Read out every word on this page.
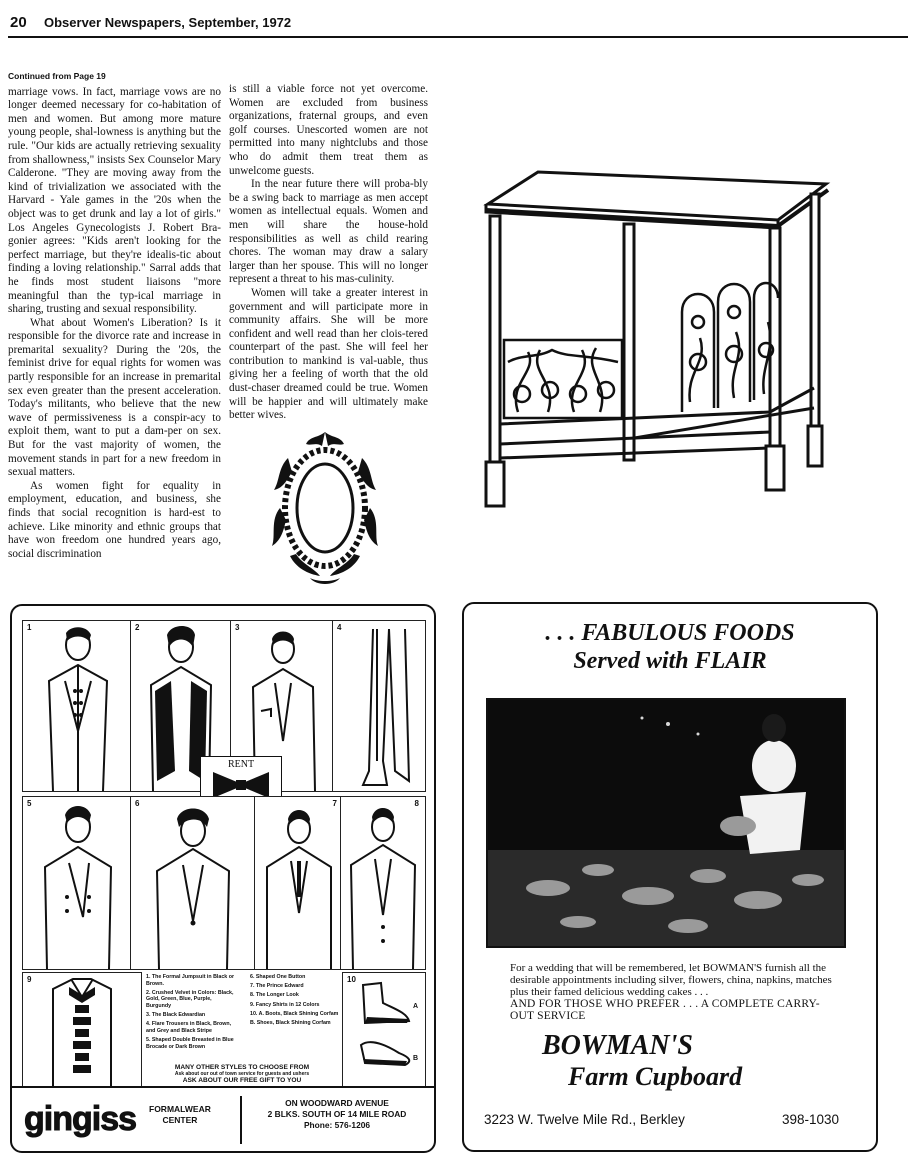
20 Observer Newspapers, September, 1972

Continued from Page 19

marriage vows. In fact, marriage vows are no longer deemed necessary for co-habitation of men and women. But among more mature young people, shal-lowness is anything but the rule. "Our kids are actually retrieving sexuality from shallowness," insists Sex Counselor Mary Calderone. "They are moving away from the kind of trivialization we associated with the Harvard - Yale games in the '20s when the object was to get drunk and lay a lot of girls." Los Angeles Gynecologists J. Robert Bra-gonier agrees: "Kids aren't looking for the perfect marriage, but they're idealis-tic about finding a loving relationship." Sarral adds that he finds most student liaisons "more meaningful than the typ-ical marriage in sharing, trusting and sexual responsibility.

What about Women's Liberation? Is it responsible for the divorce rate and increase in premarital sexuality? During the '20s, the feminist drive for equal rights for women was partly responsible for an increase in premarital sex even greater than the present acceleration. Today's militants, who believe that the new wave of permissiveness is a conspir-acy to exploit them, want to put a dam-per on sex. But for the vast majority of women, the movement stands in part for a new freedom in sexual matters.

As women fight for equality in employment, education, and business, she finds that social recognition is hard-est to achieve. Like minority and ethnic groups that have won freedom one hundred years ago, social discrimination

is still a viable force not yet overcome. Women are excluded from business organizations, fraternal groups, and even golf courses. Unescorted women are not permitted into many nightclubs and those who do admit them treat them as unwelcome guests.

In the near future there will proba-bly be a swing back to marriage as men accept women as intellectual equals. Women and men will share the house-hold responsibilities as well as child rearing chores. The woman may draw a salary larger than her spouse. This will no longer represent a threat to his mas-culinity.

Women will take a greater interest in government and will participate more in community affairs. She will be more confident and well read than her clois-tered counterpart of the past. She will feel her contribution to mankind is val-uable, thus giving her a feeling of worth that the old dust-chaser dreamed could be true. Women will be happier and will ultimately make better wives.

1	2	3	4
RENT
5	6	7	8
9	1. The Formal Jumpsuit in Black or Brown.
2. Crushed Velvet in Colors: Black, Gold, Green, Blue, Purple, Burgundy
3. The Black Edwardian
4. Flare Trousers in Black, Brown, and Grey and Black Stripe
5. Shaped Double Breasted in Blue Brocade or Dark Brown
6. Shaped One Button
7. The Prince Edward
8. The Longer Look
9. Fancy Shirts in 12 Colors
10. A. Boots, Black Shining Corfam
B. Shoes, Black Shining Corfam
MANY OTHER STYLES TO CHOOSE FROM
Ask about our out of town service for guests and ushers
ASK ABOUT OUR FREE GIFT TO YOU
10
A
B
gingiss FORMALWEAR
CENTER
ON WOODWARD AVENUE
2 BLKS. SOUTH OF 14 MILE ROAD
Phone: 576-1206
. . . FABULOUS FOODS
Served with FLAIR
For a wedding that will be remembered, let BOWMAN'S furnish all the desirable appointments including silver, flowers, china, napkins, matches plus their famed delicious wedding cakes . . .
AND FOR THOSE WHO PREFER . . . A COMPLETE CARRY-OUT SERVICE
BOWMAN'S
Farm Cupboard
3223 W. Twelve Mile Rd., Berkley	398-1030
